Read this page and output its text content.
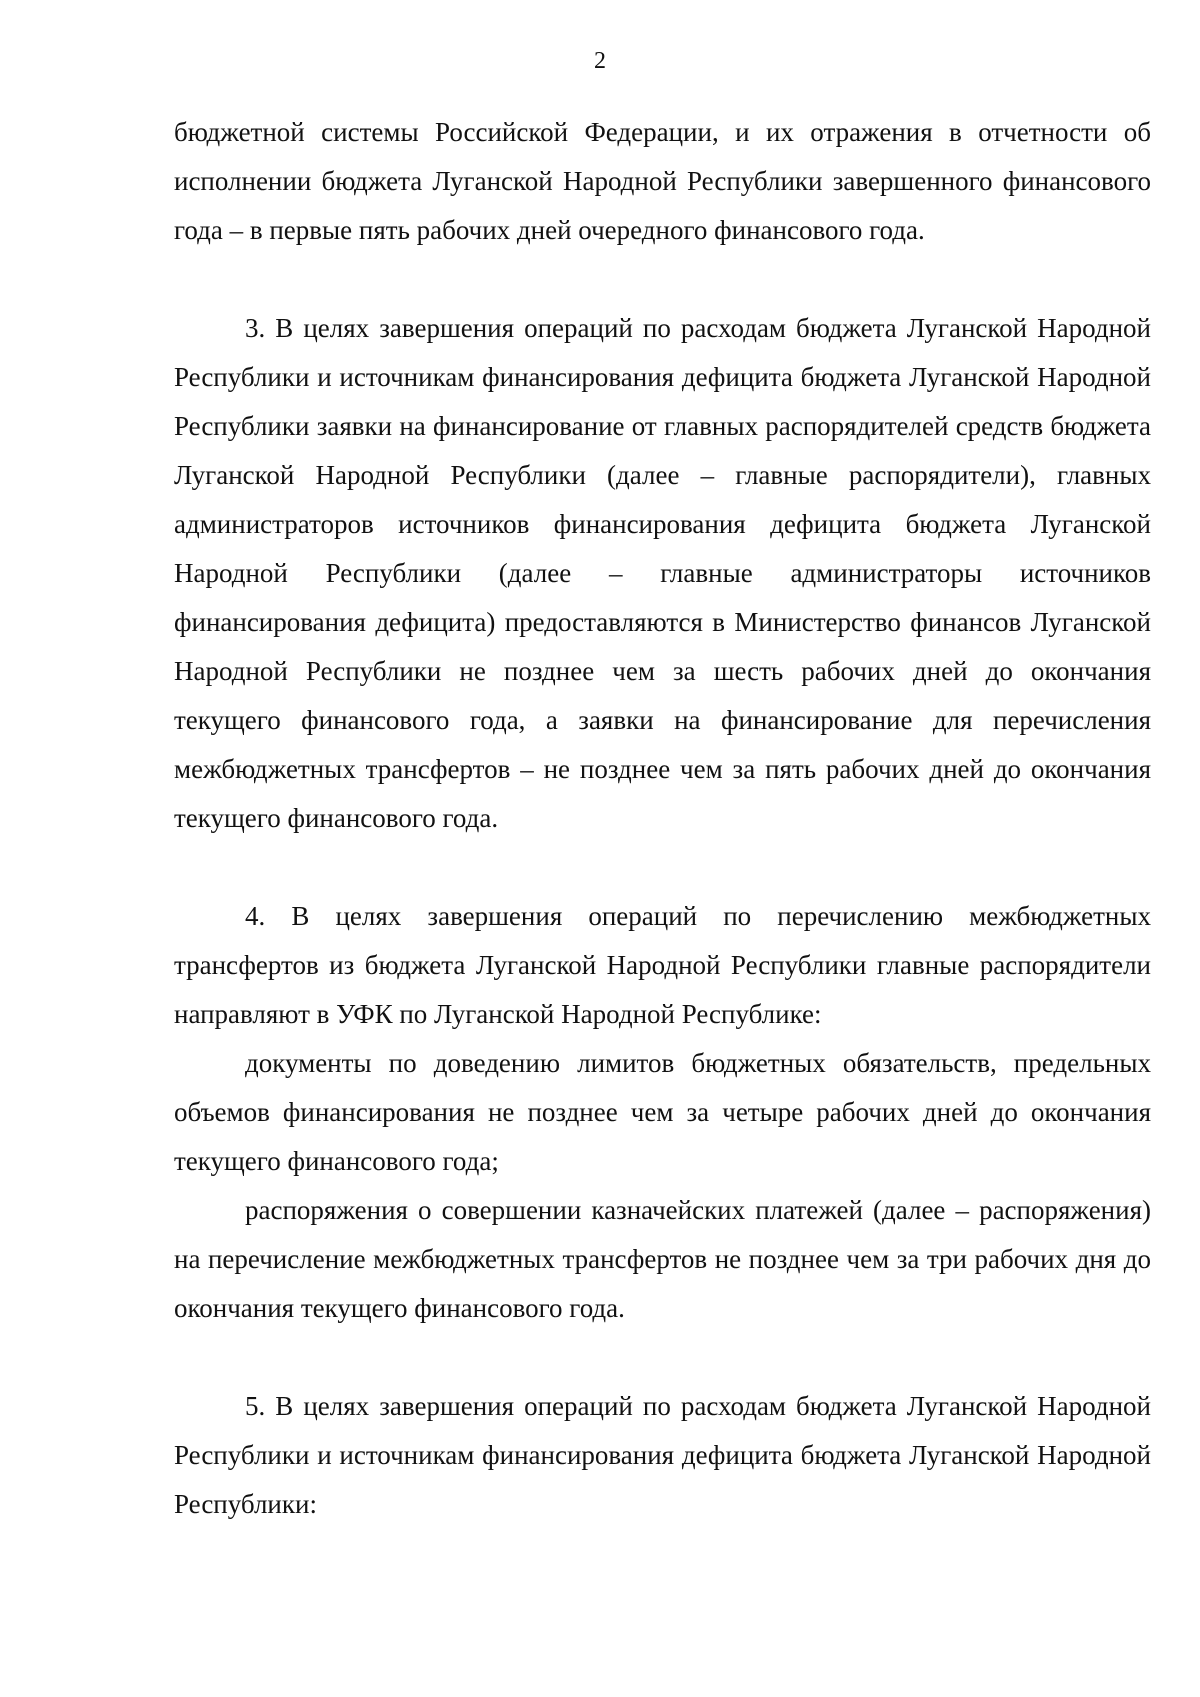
2

бюджетной системы Российской Федерации, и их отражения в отчетности об исполнении бюджета Луганской Народной Республики завершенного финансового года – в первые пять рабочих дней очередного финансового года.

3. В целях завершения операций по расходам бюджета Луганской Народной Республики и источникам финансирования дефицита бюджета Луганской Народной Республики заявки на финансирование от главных распорядителей средств бюджета Луганской Народной Республики (далее – главные распорядители), главных администраторов источников финансирования дефицита бюджета Луганской Народной Республики (далее – главные администраторы источников финансирования дефицита) предоставляются в Министерство финансов Луганской Народной Республики не позднее чем за шесть рабочих дней до окончания текущего финансового года, а заявки на финансирование для перечисления межбюджетных трансфертов – не позднее чем за пять рабочих дней до окончания текущего финансового года.

4. В целях завершения операций по перечислению межбюджетных трансфертов из бюджета Луганской Народной Республики главные распорядители направляют в УФК по Луганской Народной Республике:

документы по доведению лимитов бюджетных обязательств, предельных объемов финансирования не позднее чем за четыре рабочих дней до окончания текущего финансового года;

распоряжения о совершении казначейских платежей (далее – распоряжения) на перечисление межбюджетных трансфертов не позднее чем за три рабочих дня до окончания текущего финансового года.

5. В целях завершения операций по расходам бюджета Луганской Народной Республики и источникам финансирования дефицита бюджета Луганской Народной Республики:
